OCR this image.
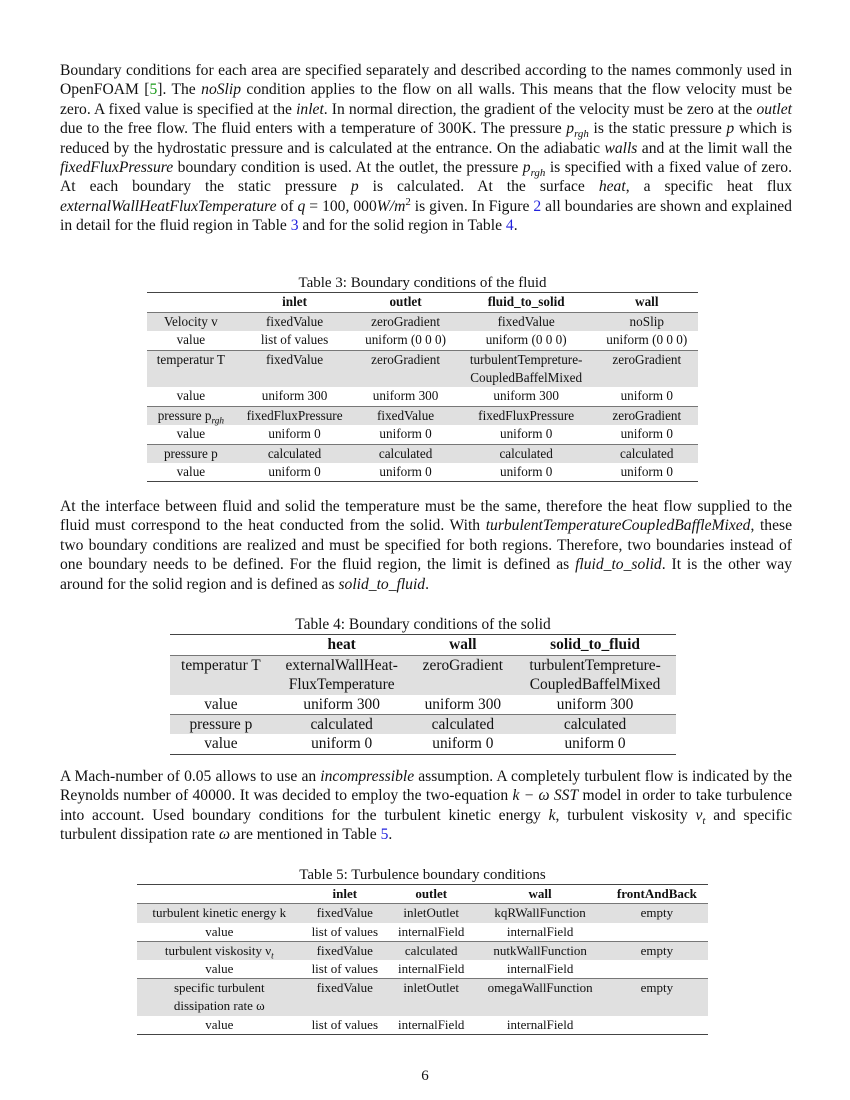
Boundary conditions for each area are specified separately and described according to the names commonly used in OpenFOAM [5]. The noSlip condition applies to the flow on all walls. This means that the flow velocity must be zero. A fixed value is specified at the inlet. In normal direction, the gradient of the velocity must be zero at the outlet due to the free flow. The fluid enters with a temperature of 300K. The pressure $p_{rgh}$ is the static pressure p which is reduced by the hydrostatic pressure and is calculated at the entrance. On the adiabatic walls and at the limit wall the fixedFluxPressure boundary condition is used. At the outlet, the pressure $p_{rgh}$ is specified with a fixed value of zero. At each boundary the static pressure p is calculated. At the surface heat, a specific heat flux externalWallHeatFluxTemperature of q = 100, $000W/m^2$ is given. In Figure 2 all boundaries are shown and explained in detail for the fluid region in Table 3 and for the solid region in Table 4.
Table 3: Boundary conditions of the fluid
	inlet	outlet	fluid_to_solid	wall
Velocity v	fixedValue	zeroGradient	fixedValue	noSlip
value	list of values	uniform (0 0 0)	uniform (0 0 0)	uniform (0 0 0)
temperatur T	fixedValue	zeroGradient	turbulentTempreture-
CoupledBaffelMixed	zeroGradient
value	uniform 300	uniform 300	uniform 300	uniform 0
pressure $p_{rgh}$	fixedFluxPressure	fixedValue	fixedFluxPressure	zeroGradient
value	uniform 0	uniform 0	uniform 0	uniform 0
pressure p	calculated	calculated	calculated	calculated
value	uniform 0	uniform 0	uniform 0	uniform 0
At the interface between fluid and solid the temperature must be the same, therefore the heat flow supplied to the fluid must correspond to the heat conducted from the solid. With turbulentTemperatureCoupledBaffleMixed, these two boundary conditions are realized and must be specified for both regions. Therefore, two boundaries instead of one boundary needs to be defined. For the fluid region, the limit is defined as fluid_to_solid. It is the other way around for the solid region and is defined as solid_to_fluid.
Table 4: Boundary conditions of the solid
	heat	wall	solid_to_fluid
temperatur T	externalWallHeat-
FluxTemperature	zeroGradient	turbulentTempreture-
CoupledBaffelMixed
value	uniform 300	uniform 300	uniform 300
pressure p	calculated	calculated	calculated
value	uniform 0	uniform 0	uniform 0
A Mach-number of 0.05 allows to use an incompressible assumption. A completely turbulent flow is indicated by the Reynolds number of 40000. It was decided to employ the two-equation k − ω SST model in order to take turbulence into account. Used boundary conditions for the turbulent kinetic energy k, turbulent viskosity $\nu_t$ and specific turbulent dissipation rate ω are mentioned in Table 5.
Table 5: Turbulence boundary conditions
	inlet	outlet	wall	frontAndBack
turbulent kinetic energy k	fixedValue	inletOutlet	kqRWallFunction	empty
value	list of values	internalField	internalField	
turbulent viskosity $\nu_t$	fixedValue	calculated	nutkWallFunction	empty
value	list of values	internalField	internalField	
specific turbulent
dissipation rate ω	fixedValue	inletOutlet	omegaWallFunction	empty
value	list of values	internalField	internalField	
6
